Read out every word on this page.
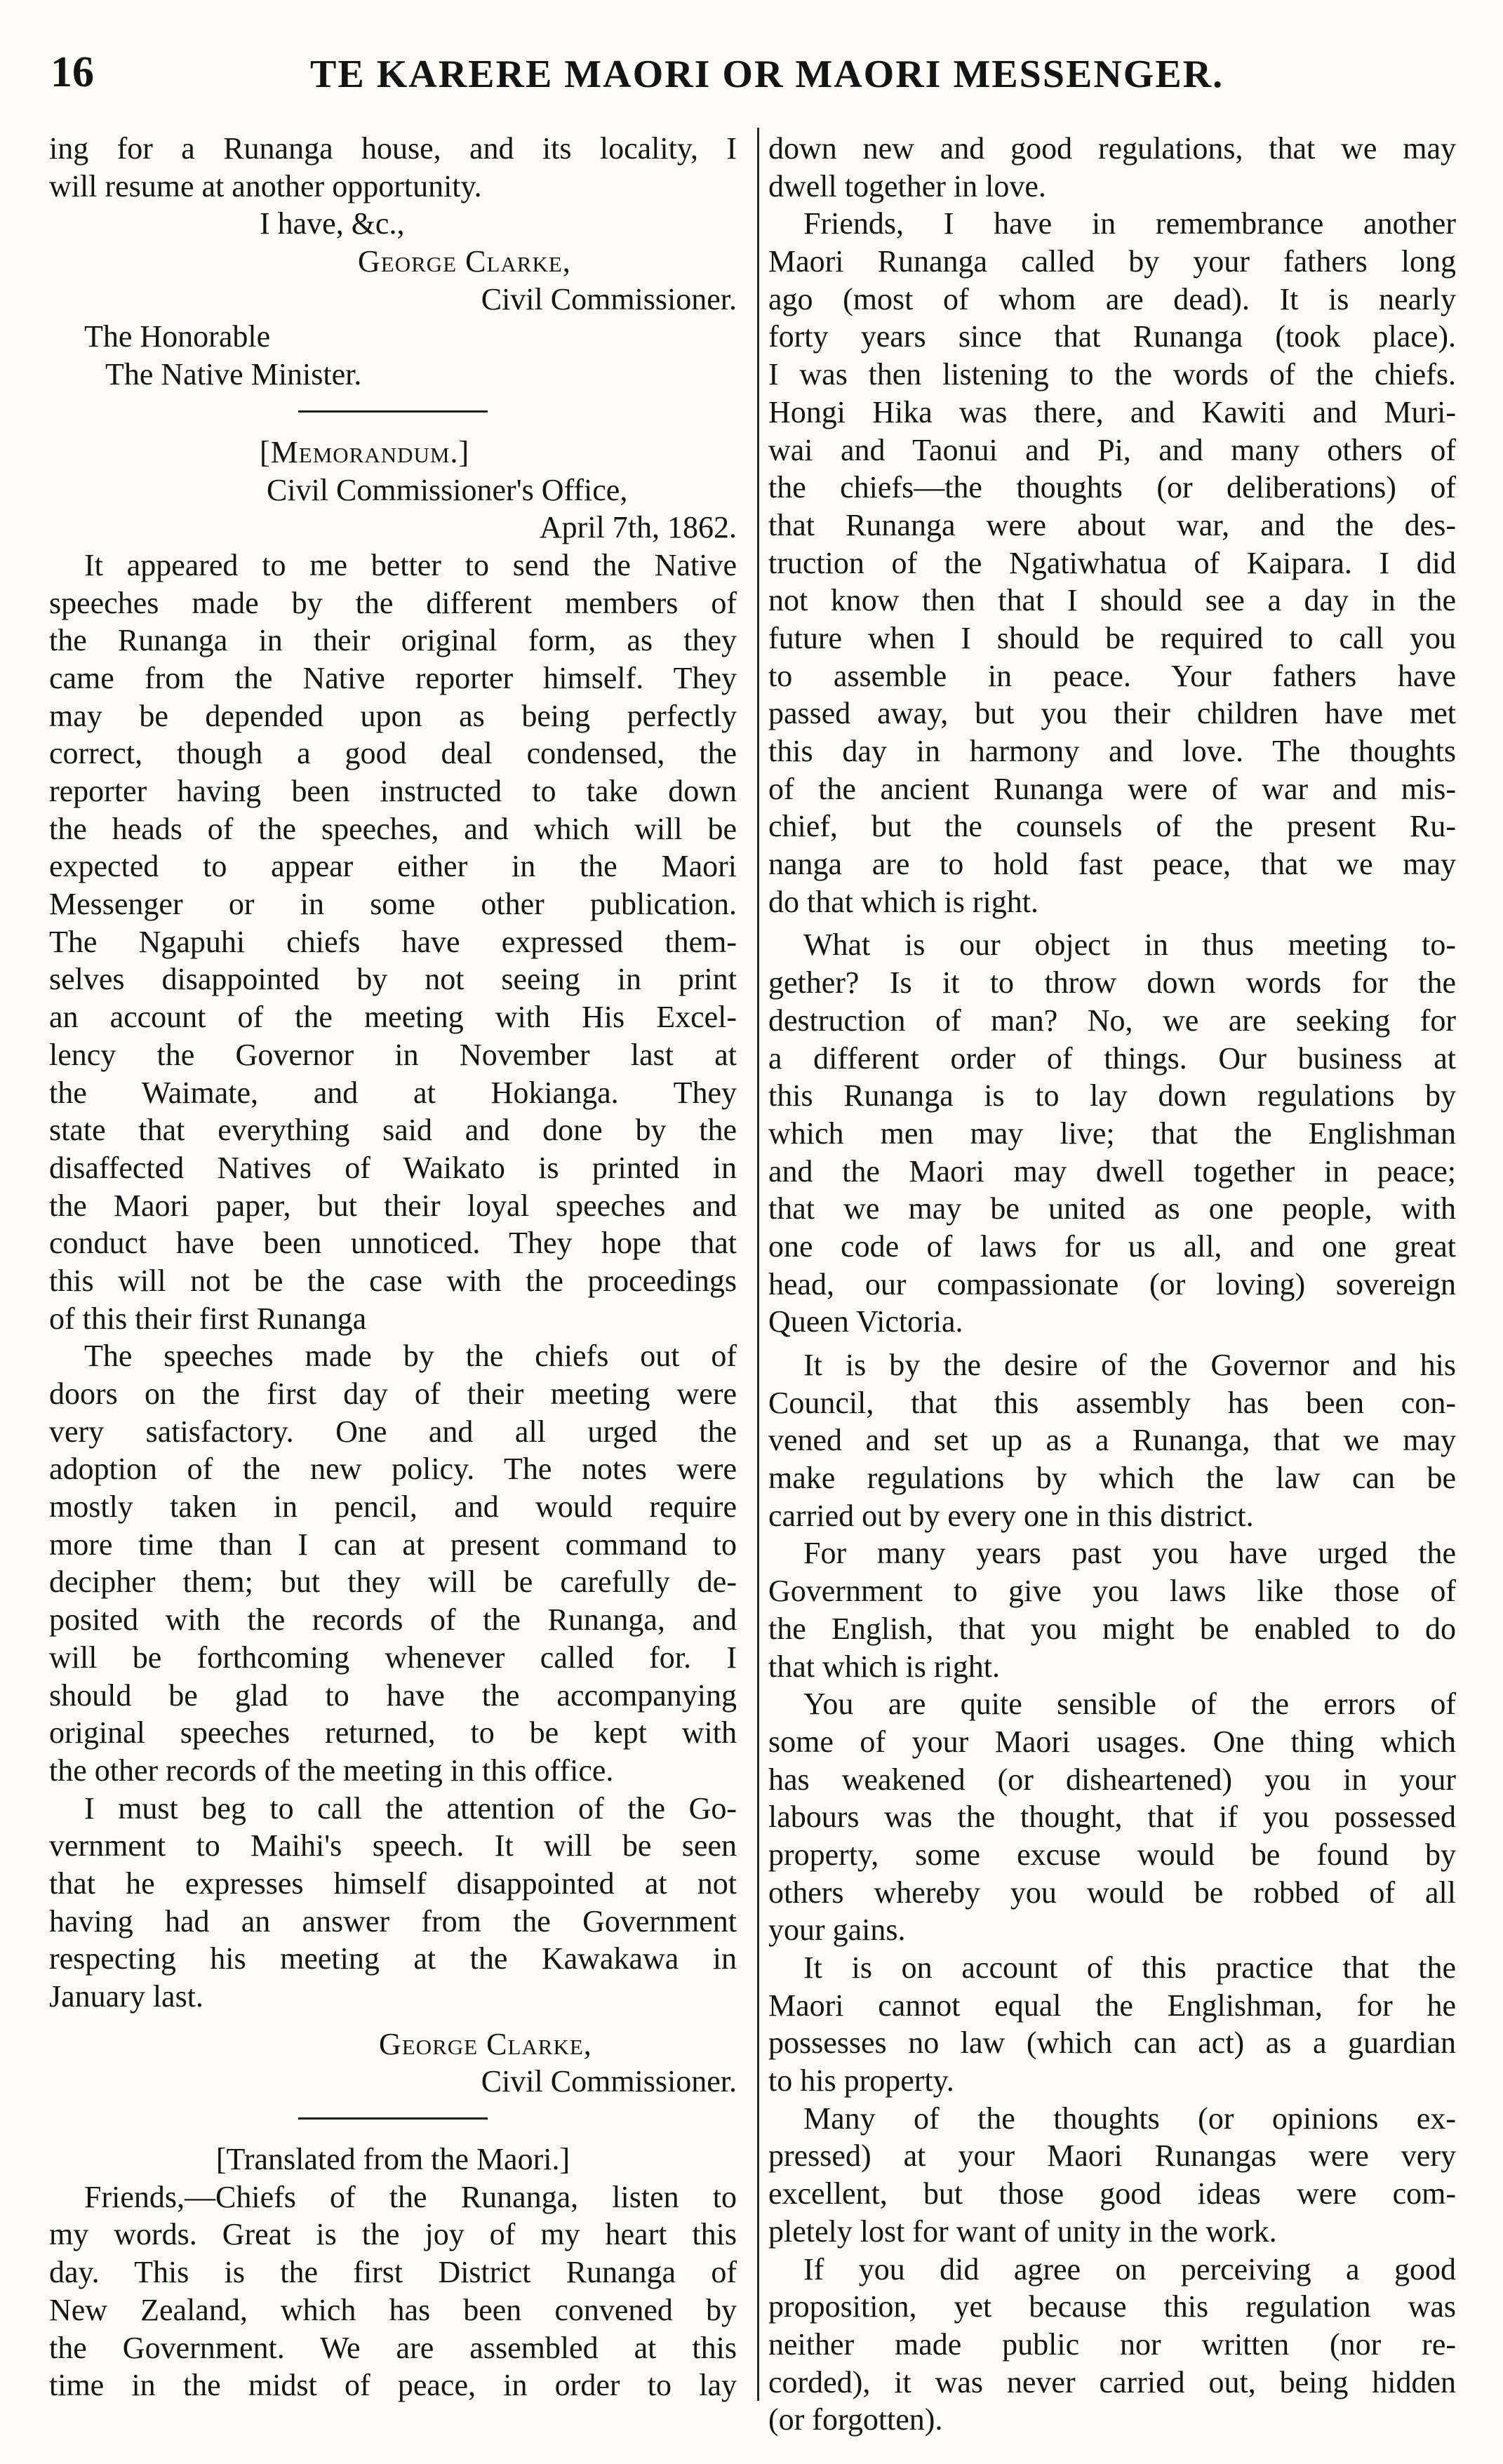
16	TE KARERE MAORI OR MAORI MESSENGER.
ing for a Runanga house, and its locality, I
will resume at another opportunity.
I have, &c.,
George Clarke,
Civil Commissioner.
The Honorable
The Native Minister.
[Memorandum.]
Civil Commissioner's Office,
April 7th, 1862.
It appeared to me better to send the Native
speeches made by the different members of
the Runanga in their original form, as they
came from the Native reporter himself. They
may be depended upon as being perfectly
correct, though a good deal condensed, the
reporter having been instructed to take down
the heads of the speeches, and which will be
expected to appear either in the Maori
Messenger or in some other publication.
The Ngapuhi chiefs have expressed them-
selves disappointed by not seeing in print
an account of the meeting with His Excel-
lency the Governor in November last at
the Waimate, and at Hokianga. They
state that everything said and done by the
disaffected Natives of Waikato is printed in
the Maori paper, but their loyal speeches and
conduct have been unnoticed. They hope that
this will not be the case with the proceedings
of this their first Runanga
The speeches made by the chiefs out of
doors on the first day of their meeting were
very satisfactory. One and all urged the
adoption of the new policy. The notes were
mostly taken in pencil, and would require
more time than I can at present command to
decipher them; but they will be carefully de-
posited with the records of the Runanga, and
will be forthcoming whenever called for. I
should be glad to have the accompanying
original speeches returned, to be kept with
the other records of the meeting in this office.
I must beg to call the attention of the Go-
vernment to Maihi's speech. It will be seen
that he expresses himself disappointed at not
having had an answer from the Government
respecting his meeting at the Kawakawa in
January last.
George Clarke,
Civil Commissioner.
[Translated from the Maori.]
Friends,—Chiefs of the Runanga, listen to
my words. Great is the joy of my heart this
day. This is the first District Runanga of
New Zealand, which has been convened by
the Government. We are assembled at this
time in the midst of peace, in order to lay
down new and good regulations, that we may
dwell together in love.
Friends, I have in remembrance another
Maori Runanga called by your fathers long
ago (most of whom are dead). It is nearly
forty years since that Runanga (took place).
I was then listening to the words of the chiefs.
Hongi Hika was there, and Kawiti and Muri-
wai and Taonui and Pi, and many others of
the chiefs—the thoughts (or deliberations) of
that Runanga were about war, and the des-
truction of the Ngatiwhatua of Kaipara. I did
not know then that I should see a day in the
future when I should be required to call you
to assemble in peace. Your fathers have
passed away, but you their children have met
this day in harmony and love. The thoughts
of the ancient Runanga were of war and mis-
chief, but the counsels of the present Ru-
nanga are to hold fast peace, that we may
do that which is right.
What is our object in thus meeting to-
gether? Is it to throw down words for the
destruction of man? No, we are seeking for
a different order of things. Our business at
this Runanga is to lay down regulations by
which men may live; that the Englishman
and the Maori may dwell together in peace;
that we may be united as one people, with
one code of laws for us all, and one great
head, our compassionate (or loving) sovereign
Queen Victoria.
It is by the desire of the Governor and his
Council, that this assembly has been con-
vened and set up as a Runanga, that we may
make regulations by which the law can be
carried out by every one in this district.
For many years past you have urged the
Government to give you laws like those of
the English, that you might be enabled to do
that which is right.
You are quite sensible of the errors of
some of your Maori usages. One thing which
has weakened (or disheartened) you in your
labours was the thought, that if you possessed
property, some excuse would be found by
others whereby you would be robbed of all
your gains.
It is on account of this practice that the
Maori cannot equal the Englishman, for he
possesses no law (which can act) as a guardian
to his property.
Many of the thoughts (or opinions ex-
pressed) at your Maori Runangas were very
excellent, but those good ideas were com-
pletely lost for want of unity in the work.
If you did agree on perceiving a good
proposition, yet because this regulation was
neither made public nor written (nor re-
corded), it was never carried out, being hidden
(or forgotten).
